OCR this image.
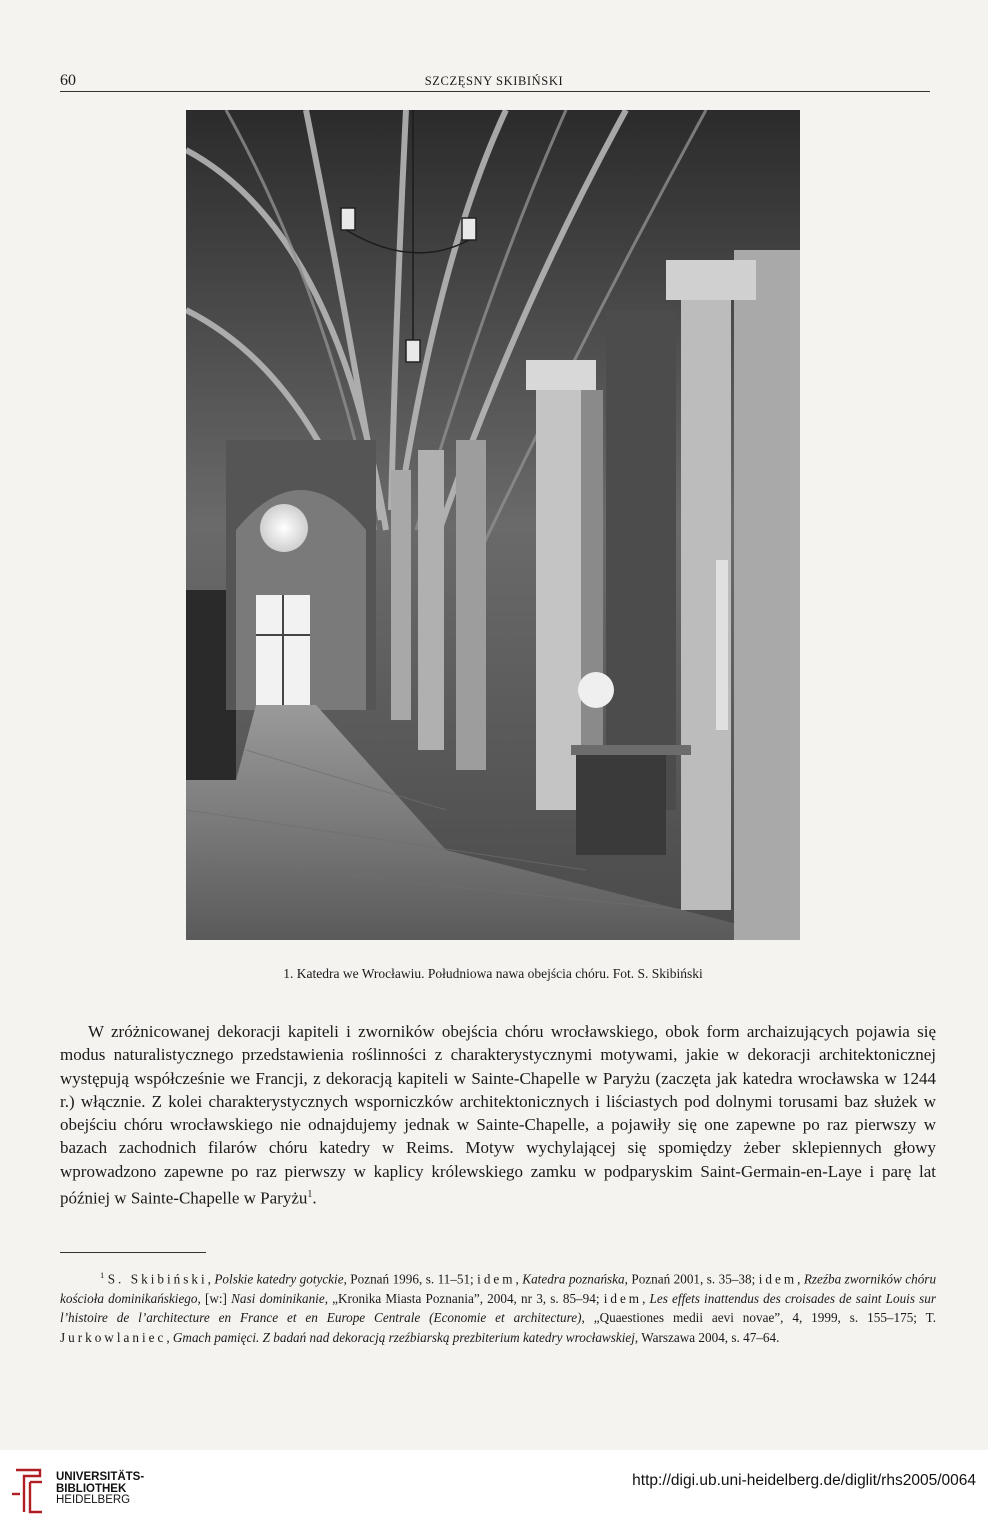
60	SZCZĘSNY SKIBIŃSKI
1. Katedra we Wrocławiu. Południowa nawa obejścia chóru. Fot. S. Skibiński

W zróżnicowanej dekoracji kapiteli i zworników obejścia chóru wrocławskiego, obok form archaizujących pojawia się modus naturalistycznego przedstawienia roślinności z charakterystycznymi motywami, jakie w dekoracji architektonicznej występują współcześnie we Francji, z dekoracją kapiteli w Sainte-Chapelle w Paryżu (zaczęta jak katedra wrocławska w 1244 r.) włącznie. Z kolei charakterystycznych wsporniczków architektonicznych i liściastych pod dolnymi torusami baz służek w obejściu chóru wrocławskiego nie odnajdujemy jednak w Sainte-Chapelle, a pojawiły się one zapewne po raz pierwszy w bazach zachodnich filarów chóru katedry w Reims. Motyw wychylającej się spomiędzy żeber sklepiennych głowy wprowadzono zapewne po raz pierwszy w kaplicy królewskiego zamku w podparyskim Saint-Germain-en-Laye i parę lat później w Sainte-Chapelle w Paryżu$^1$.

$^1$ S. Skibiński, Polskie katedry gotyckie, Poznań 1996, s. 11–51; idem, Katedra poznańska, Poznań 2001, s. 35–38; idem, Rzeźba zworników chóru kościoła dominikańskiego, [w:] Nasi dominikanie, „Kronika Miasta Poznania”, 2004, nr 3, s. 85–94; idem, Les effets inattendus des croisades de saint Louis sur l’histoire de l’architecture en France et en Europe Centrale (Economie et architecture), „Quaestiones medii aevi novae”, 4, 1999, s. 155–175; T. Jurkowlaniec, Gmach pamięci. Z badań nad dekoracją rzeźbiarską prezbiterium katedry wrocławskiej, Warszawa 2004, s. 47–64.

UNIVERSITÄTS-
BIBLIOTHEK
HEIDELBERG
http://digi.ub.uni-heidelberg.de/diglit/rhs2005/0064
